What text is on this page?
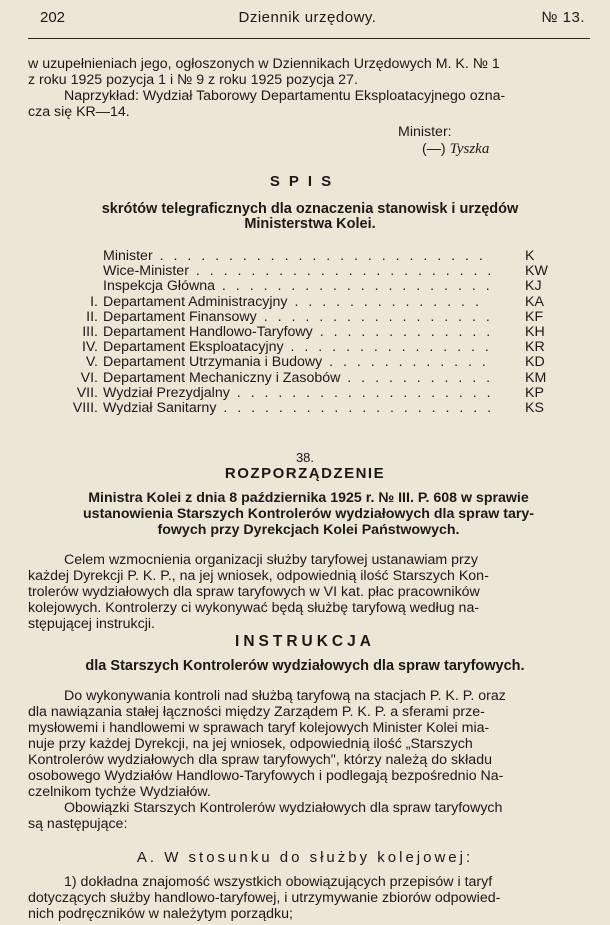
202	Dziennik urzędowy.	№ 13.
w uzupełnieniach jego, ogłoszonych w Dziennikach Urzędowych M. K. № 1
z roku 1925 pozycja 1 i № 9 z roku 1925 pozycja 27.
Naprzykład: Wydział Taborowy Departamentu Eksploatacyjnego ozna-
cza się KR—14.
Minister:
(—) Tyszka
SPIS
skrótów telegraficznych dla oznaczenia stanowisk i urzędów
Ministerstwa Kolei.
Minister . . .	K
Wice-Minister . . .	KW
Inspekcja Główna . . .	KJ
I. Departament Administracyjny . . .	KA
II. Departament Finansowy . . .	KF
III. Departament Handlowo-Taryfowy . . .	KH
IV. Departament Eksploatacyjny . . .	KR
V. Departament Utrzymania i Budowy . . .	KD
VI. Departament Mechaniczny i Zasobów . . .	KM
VII. Wydział Prezydjalny . . .	KP
VIII. Wydział Sanitarny . . .	KS
38.
ROZPORZĄDZENIE
Ministra Kolei z dnia 8 października 1925 r. № III. P. 608 w sprawie
ustanowienia Starszych Kontrolerów wydziałowych dla spraw tary-
fowych przy Dyrekcjach Kolei Państwowych.
Celem wzmocnienia organizacji służby taryfowej ustanawiam przy
każdej Dyrekcji P. K. P., na jej wniosek, odpowiednią ilość Starszych Kon-
trolerów wydziałowych dla spraw taryfowych w VI kat. płac pracowników
kolejowych. Kontrolerzy ci wykonywać będą służbę taryfową według na-
stępującej instrukcji.
INSTRUKCJA
dla Starszych Kontrolerów wydziałowych dla spraw taryfowych.
Do wykonywania kontroli nad służbą taryfową na stacjach P. K. P. oraz
dla nawiązania stałej łączności między Zarządem P. K. P. a sferami prze-
mysłowemi i handlowemi w sprawach taryf kolejowych Minister Kolei mia-
nuje przy każdej Dyrekcji, na jej wniosek, odpowiednią ilość „Starszych
Kontrolerów wydziałowych dla spraw taryfowych", którzy należą do składu
osobowego Wydziałów Handlowo-Taryfowych i podlegają bezpośrednio Na-
czelnikom tychże Wydziałów.
Obowiązki Starszych Kontrolerów wydziałowych dla spraw taryfowych
są następujące:
A. W stosunku do służby kolejowej:
1) dokładna znajomość wszystkich obowiązujących przepisów i taryf
dotyczących służby handlowo-taryfowej, i utrzymywanie zbiorów odpowied-
nich podręczników w należytym porządku;
